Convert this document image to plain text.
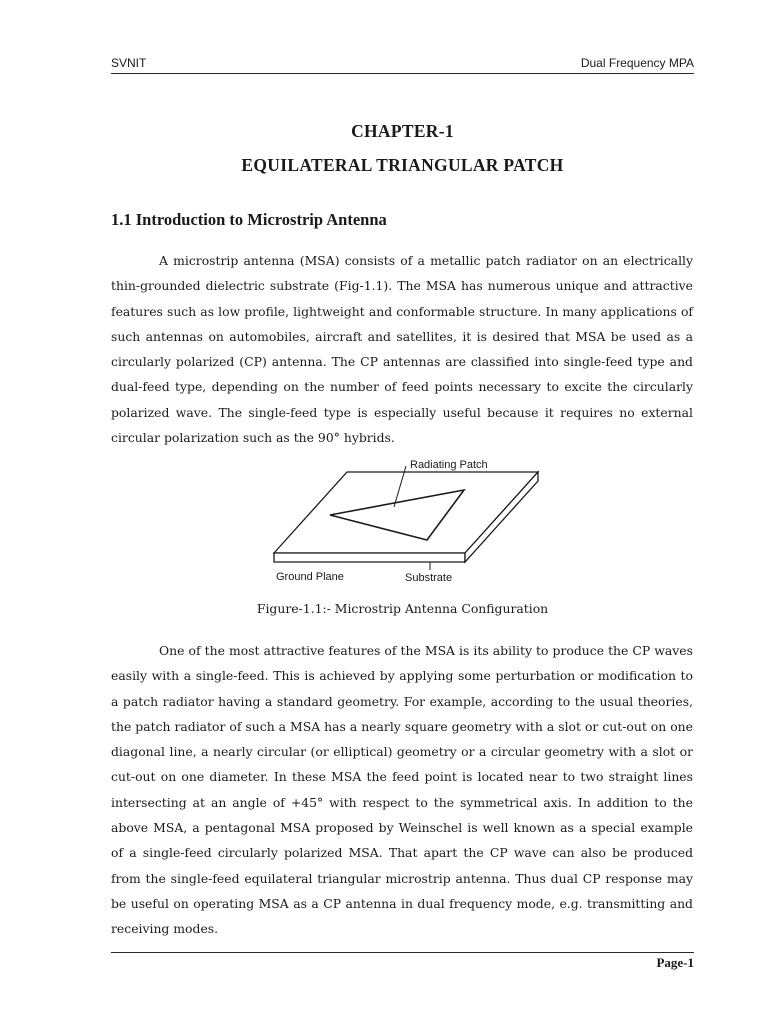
SVNIT	Dual Frequency MPA
CHAPTER-1
EQUILATERAL TRIANGULAR PATCH
1.1 Introduction to Microstrip Antenna

A microstrip antenna (MSA) consists of a metallic patch radiator on an electrically thin-grounded dielectric substrate (Fig-1.1). The MSA has numerous unique and attractive features such as low profile, lightweight and conformable structure. In many applications of such antennas on automobiles, aircraft and satellites, it is desired that MSA be used as a circularly polarized (CP) antenna. The CP antennas are classified into single-feed type and dual-feed type, depending on the number of feed points necessary to excite the circularly polarized wave. The single-feed type is especially useful because it requires no external circular polarization such as the 90° hybrids.

Radiating Patch
Ground Plane	Substrate
Figure-1.1:- Microstrip Antenna Configuration

One of the most attractive features of the MSA is its ability to produce the CP waves easily with a single-feed. This is achieved by applying some perturbation or modification to a patch radiator having a standard geometry. For example, according to the usual theories, the patch radiator of such a MSA has a nearly square geometry with a slot or cut-out on one diagonal line, a nearly circular (or elliptical) geometry or a circular geometry with a slot or cut-out on one diameter. In these MSA the feed point is located near to two straight lines intersecting at an angle of +45° with respect to the symmetrical axis. In addition to the above MSA, a pentagonal MSA proposed by Weinschel is well known as a special example of a single-feed circularly polarized MSA. That apart the CP wave can also be produced from the single-feed equilateral triangular microstrip antenna. Thus dual CP response may be useful on operating MSA as a CP antenna in dual frequency mode, e.g. transmitting and receiving modes.

Page-1
